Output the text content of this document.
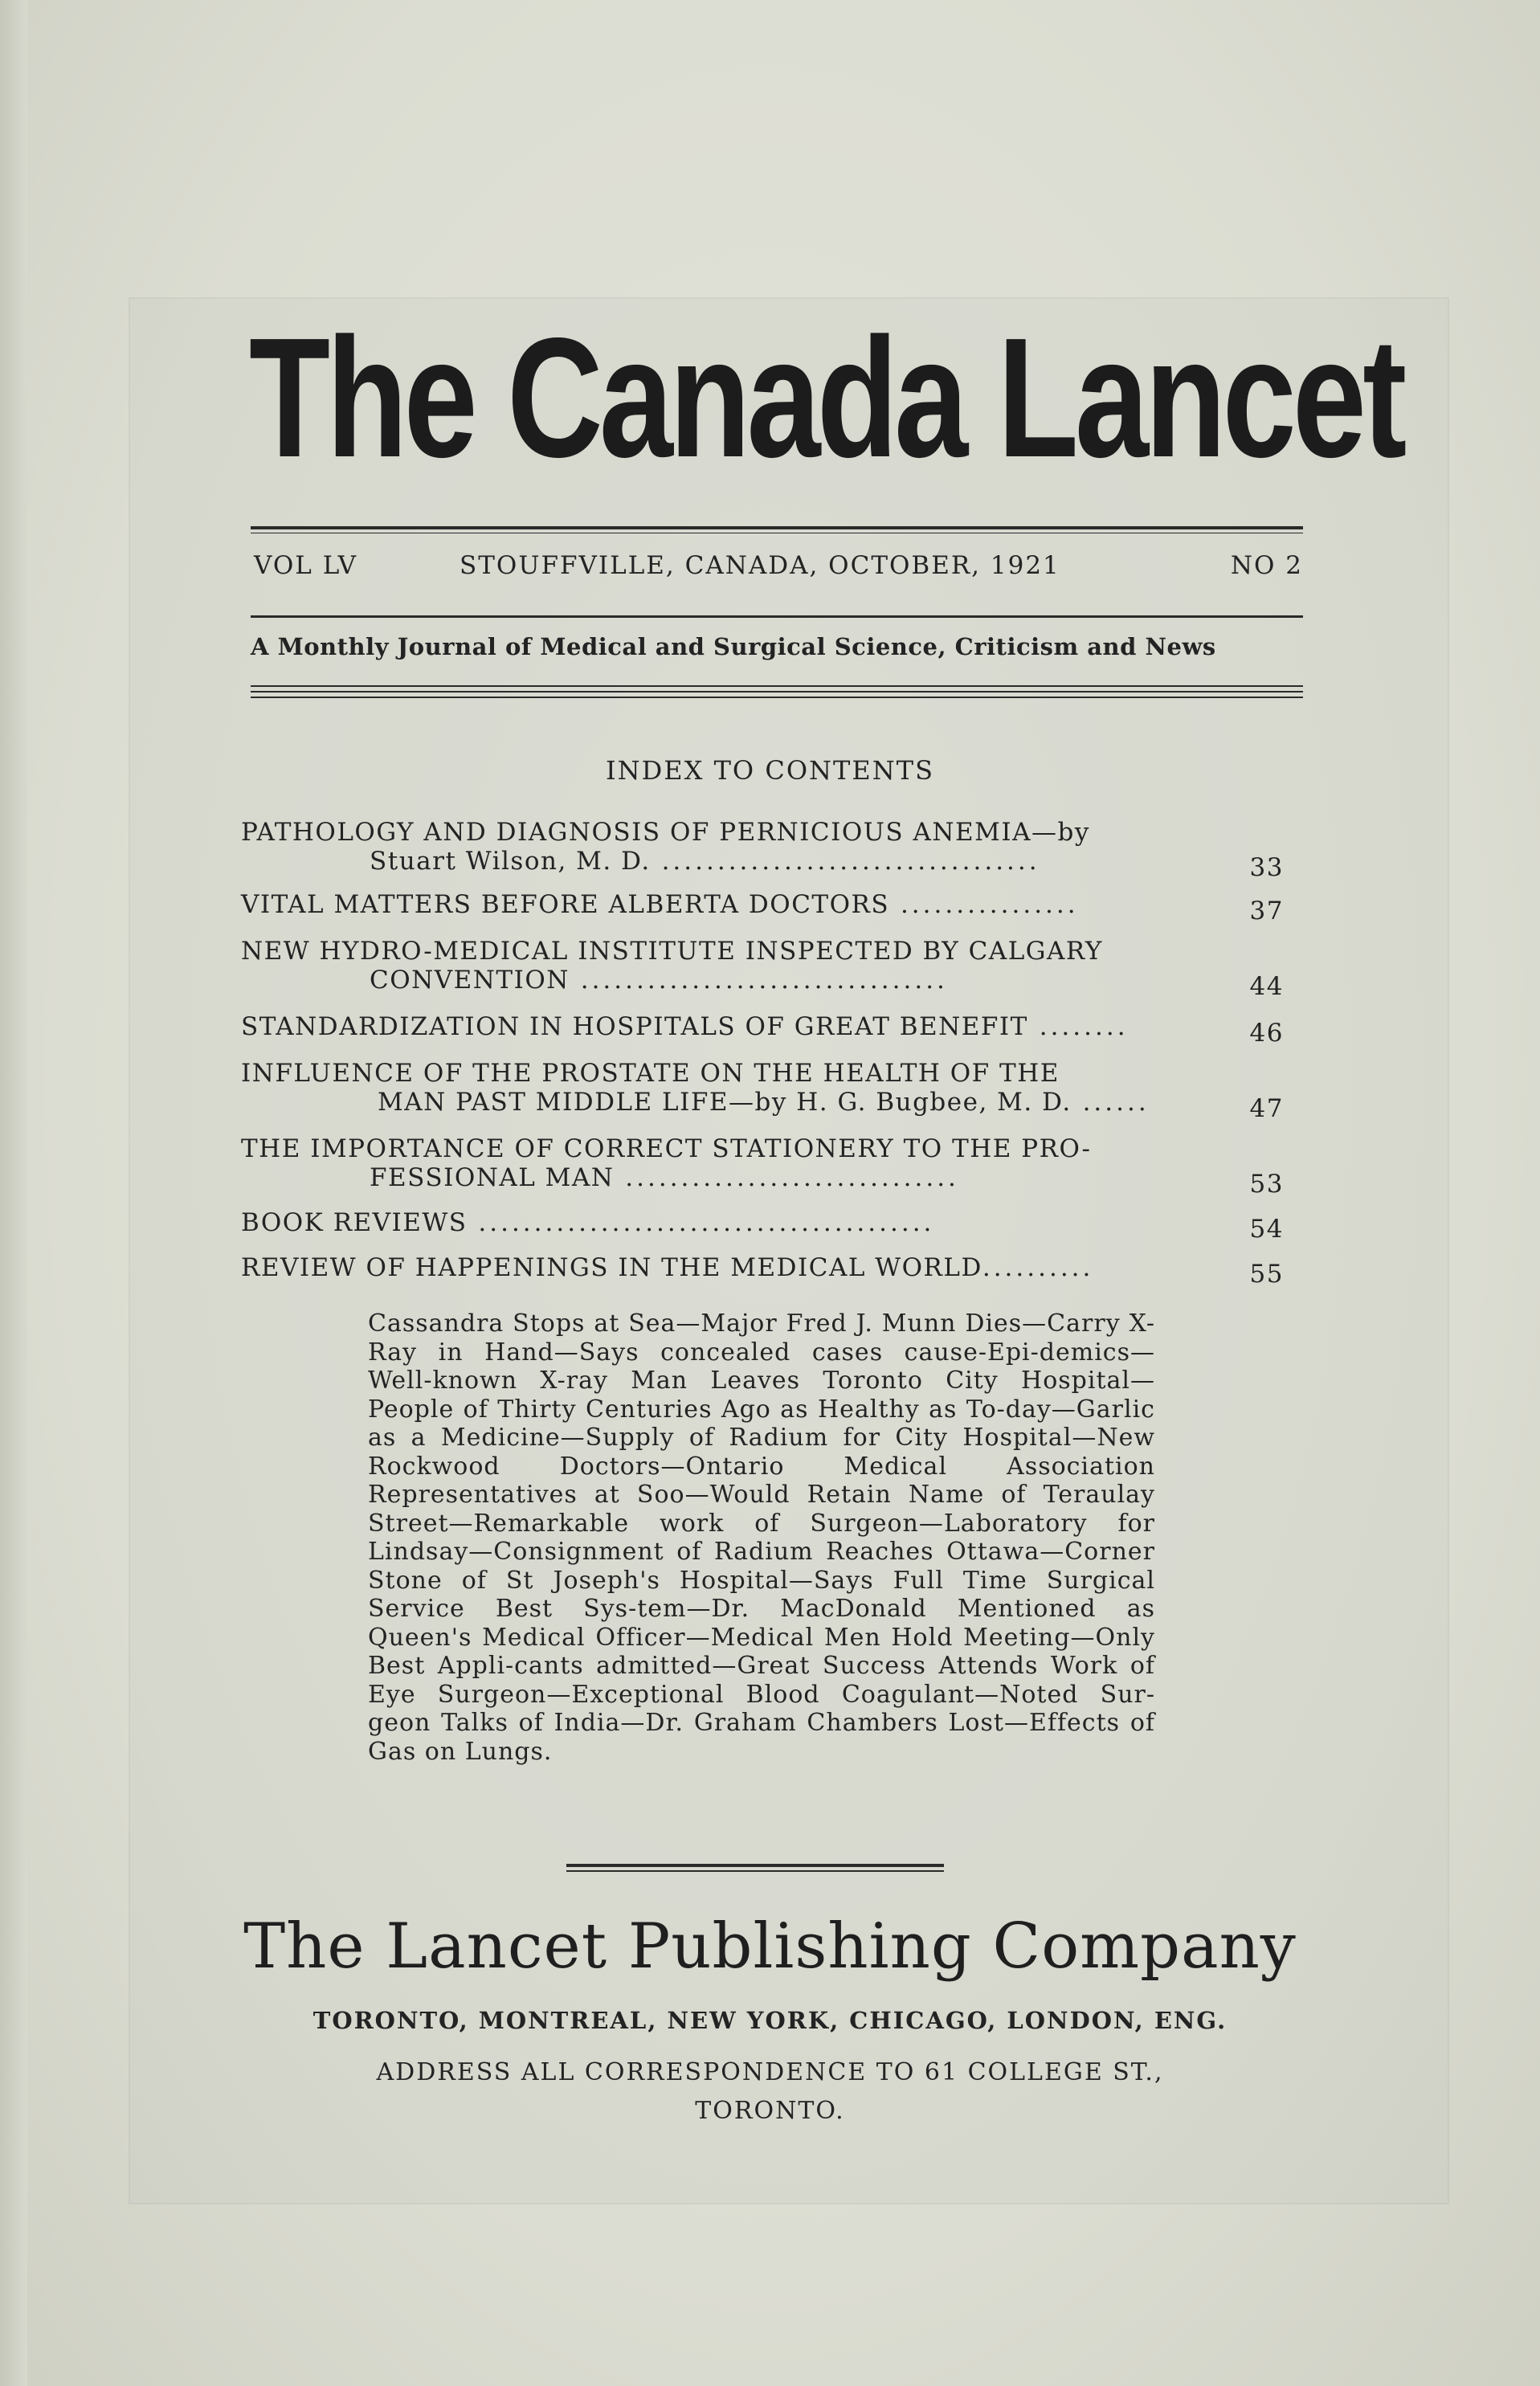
The Canada Lancet
VOL LV	STOUFFVILLE, CANADA, OCTOBER, 1921	NO 2
A Monthly Journal of Medical and Surgical Science, Criticism and News
INDEX TO CONTENTS
PATHOLOGY AND DIAGNOSIS OF PERNICIOUS ANEMIA—by
Stuart Wilson, M. D. ..................................	33
VITAL MATTERS BEFORE ALBERTA DOCTORS ................	37
NEW HYDRO-MEDICAL INSTITUTE INSPECTED BY CALGARY
CONVENTION .................................	44
STANDARDIZATION IN HOSPITALS OF GREAT BENEFIT ........	46
INFLUENCE OF THE PROSTATE ON THE HEALTH OF THE
MAN PAST MIDDLE LIFE—by H. G. Bugbee, M. D. ......	47
THE IMPORTANCE OF CORRECT STATIONERY TO THE PRO-
FESSIONAL MAN ..............................	53
BOOK REVIEWS .........................................	54
REVIEW OF HAPPENINGS IN THE MEDICAL WORLD..........	55
Cassandra Stops at Sea—Major Fred J. Munn Dies—Carry X-Ray in Hand—Says concealed cases cause-Epi-demics—Well-known X-ray Man Leaves Toronto City Hospital—People of Thirty Centuries Ago as Healthy as To-day—Garlic as a Medicine—Supply of Radium for City Hospital—New Rockwood Doctors—Ontario Medical Association Representatives at Soo—Would Retain Name of Teraulay Street—Remarkable work of Surgeon—Laboratory for Lindsay—Consignment of Radium Reaches Ottawa—Corner Stone of St Joseph's Hospital—Says Full Time Surgical Service Best Sys-tem—Dr. MacDonald Mentioned as Queen's Medical Officer—Medical Men Hold Meeting—Only Best Appli-cants admitted—Great Success Attends Work of Eye Surgeon—Exceptional Blood Coagulant—Noted Sur-geon Talks of India—Dr. Graham Chambers Lost—Effects of Gas on Lungs.
The Lancet Publishing Company
TORONTO, MONTREAL, NEW YORK, CHICAGO, LONDON, ENG.
ADDRESS ALL CORRESPONDENCE TO 61 COLLEGE ST.,
TORONTO.
